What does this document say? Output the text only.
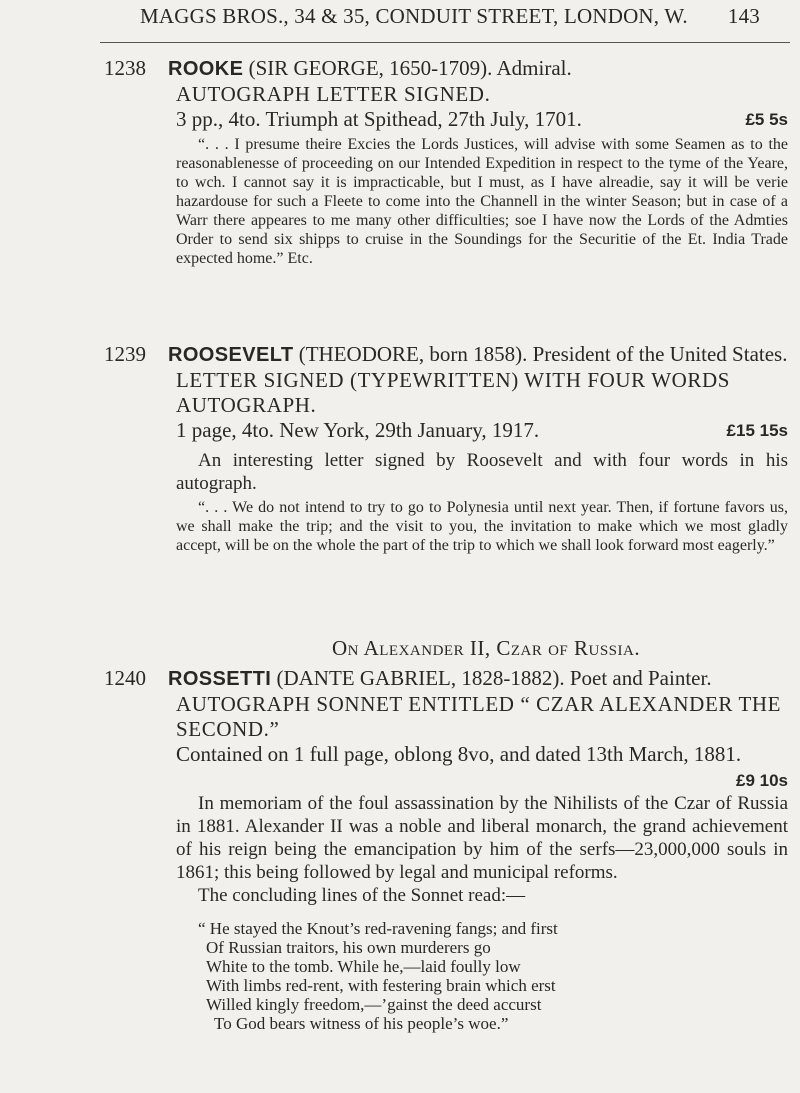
MAGGS BROS., 34 & 35, CONDUIT STREET, LONDON, W. 143
1238 ROOKE (SIR GEORGE, 1650-1709). Admiral.
AUTOGRAPH LETTER SIGNED.
£5 5s
3 pp., 4to. Triumph at Spithead, 27th July, 1701.
“. . . I presume theire Excies the Lords Justices, will advise with some Seamen as to the reasonablenesse of proceeding on our Intended Expedition in respect to the tyme of the Yeare, to wch. I cannot say it is impracticable, but I must, as I have alreadie, say it will be verie hazardouse for such a Fleete to come into the Channell in the winter Season; but in case of a Warr there appeares to me many other difficulties; soe I have now the Lords of the Admties Order to send six shipps to cruise in the Soundings for the Securitie of the Et. India Trade expected home.” Etc.
1239 ROOSEVELT (THEODORE, born 1858). President of the United States.
LETTER SIGNED (TYPEWRITTEN) WITH FOUR WORDS AUTOGRAPH.
£15 15s
1 page, 4to. New York, 29th January, 1917.
An interesting letter signed by Roosevelt and with four words in his autograph.
“. . . We do not intend to try to go to Polynesia until next year. Then, if fortune favors us, we shall make the trip; and the visit to you, the invitation to make which we most gladly accept, will be on the whole the part of the trip to which we shall look forward most eagerly.”
On Alexander II, Czar of Russia.
1240 ROSSETTI (DANTE GABRIEL, 1828-1882). Poet and Painter.
AUTOGRAPH SONNET ENTITLED “ CZAR ALEXANDER THE SECOND.”
Contained on 1 full page, oblong 8vo, and dated 13th March, 1881.
£9 10s
In memoriam of the foul assassination by the Nihilists of the Czar of Russia in 1881. Alexander II was a noble and liberal monarch, the grand achievement of his reign being the emancipation by him of the serfs—23,000,000 souls in 1861; this being followed by legal and municipal reforms.
The concluding lines of the Sonnet read:—
“ He stayed the Knout’s red-ravening fangs; and first
Of Russian traitors, his own murderers go
White to the tomb. While he,—laid foully low
With limbs red-rent, with festering brain which erst
Willed kingly freedom,—’gainst the deed accurst
To God bears witness of his people’s woe.”
